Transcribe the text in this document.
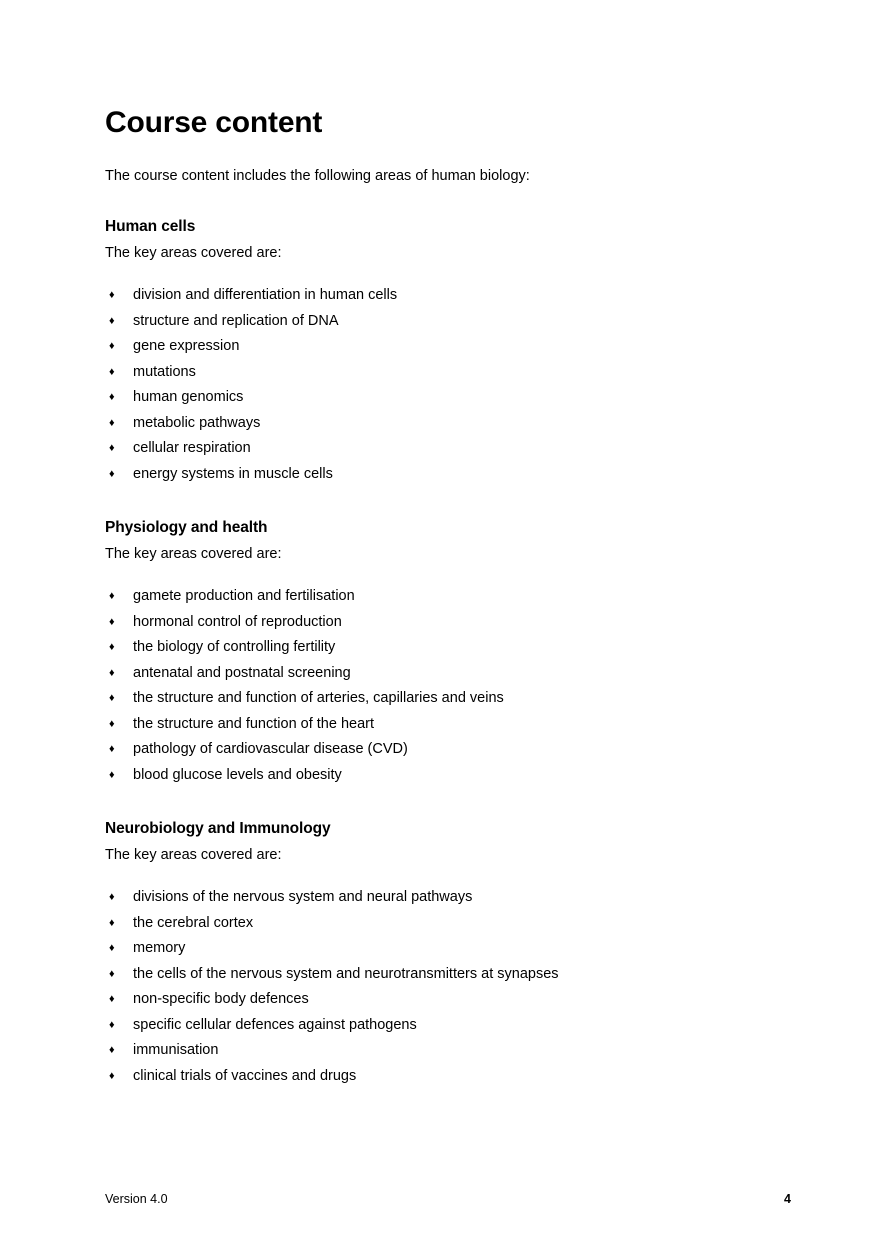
Course content

The course content includes the following areas of human biology:

Human cells

The key areas covered are:

♦ division and differentiation in human cells
♦ structure and replication of DNA
♦ gene expression
♦ mutations
♦ human genomics
♦ metabolic pathways
♦ cellular respiration
♦ energy systems in muscle cells
Physiology and health

The key areas covered are:

♦ gamete production and fertilisation
♦ hormonal control of reproduction
♦ the biology of controlling fertility
♦ antenatal and postnatal screening
♦ the structure and function of arteries, capillaries and veins
♦ the structure and function of the heart
♦ pathology of cardiovascular disease (CVD)
♦ blood glucose levels and obesity
Neurobiology and Immunology

The key areas covered are:

♦ divisions of the nervous system and neural pathways
♦ the cerebral cortex
♦ memory
♦ the cells of the nervous system and neurotransmitters at synapses
♦ non-specific body defences
♦ specific cellular defences against pathogens
♦ immunisation
♦ clinical trials of vaccines and drugs
Version 4.0	4
